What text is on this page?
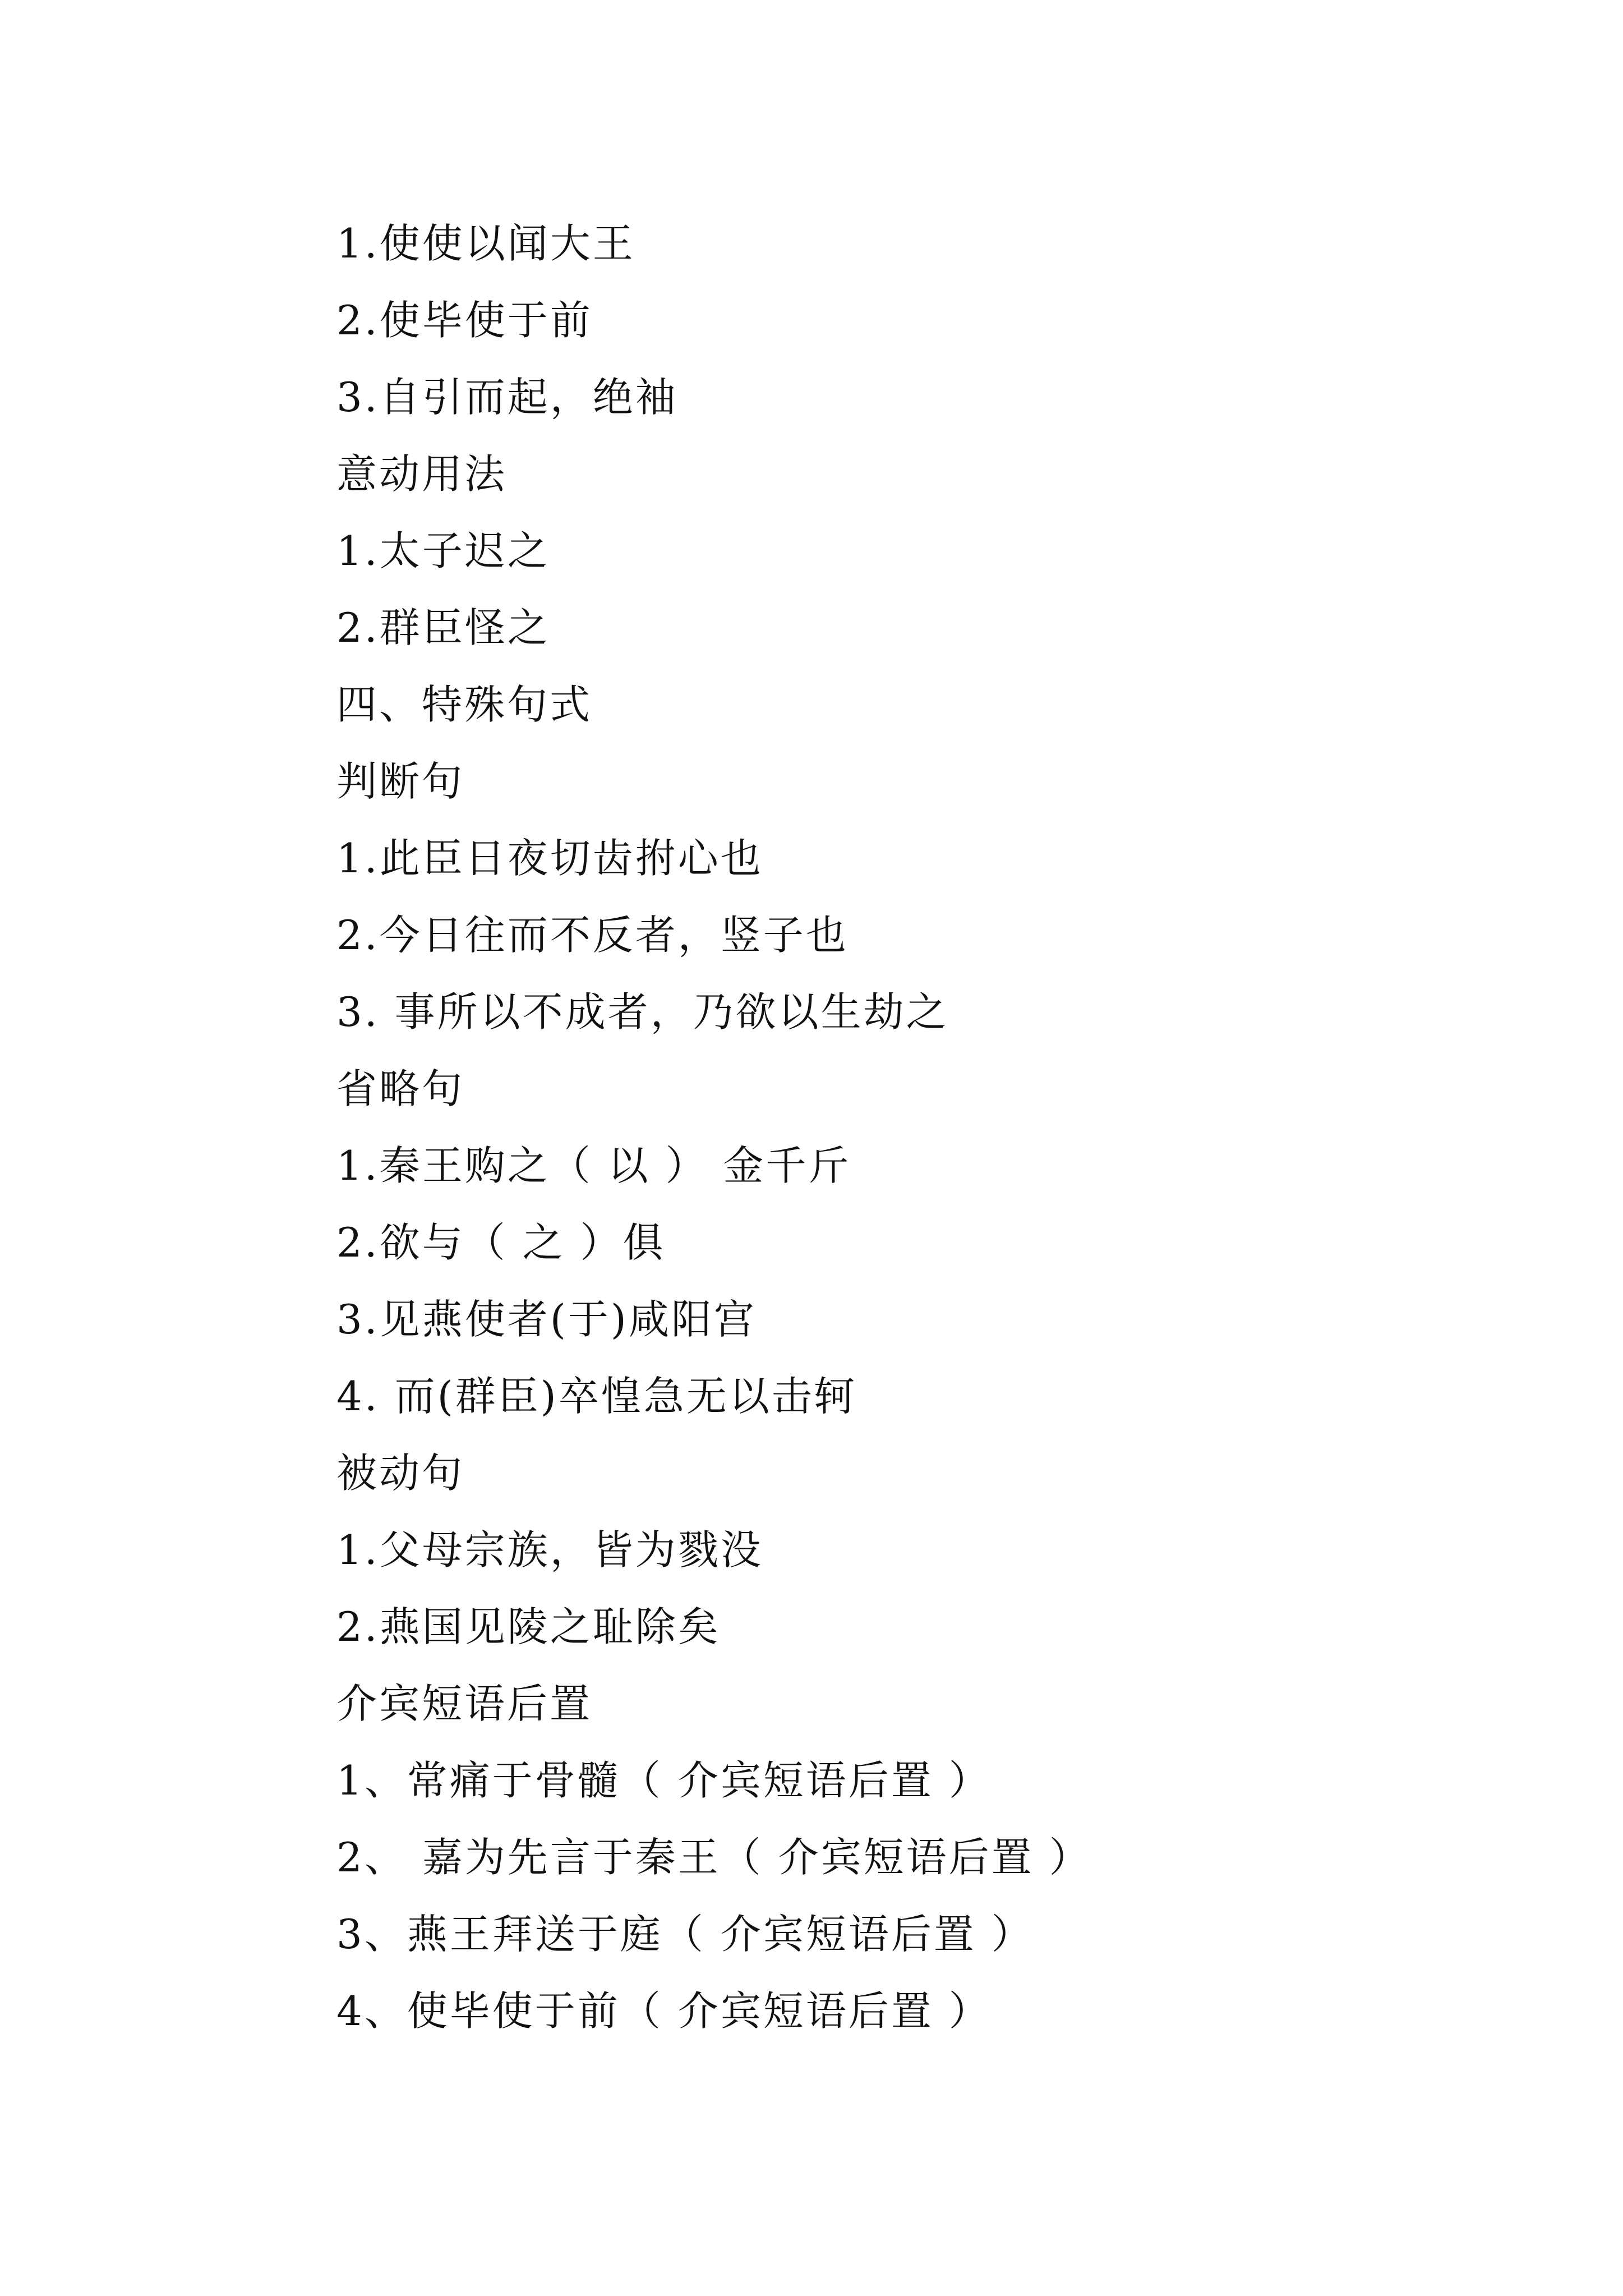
1.使使以闻大王
2.使毕使于前
3.自引而起，绝袖
意动用法
1.太子迟之
2.群臣怪之
四、特殊句式
判断句
1.此臣日夜切齿拊心也
2.今日往而不反者，竖子也
3. 事所以不成者，乃欲以生劫之
省略句
1.秦王购之（ 以 ） 金千斤
2.欲与（ 之 ）俱
3.见燕使者(于)咸阳宫
4. 而(群臣)卒惶急无以击轲
被动句
1.父母宗族，皆为戮没
2.燕国见陵之耻除矣
介宾短语后置
1、常痛于骨髓（ 介宾短语后置 ）
2、 嘉为先言于秦王（ 介宾短语后置 ）
3、燕王拜送于庭（ 介宾短语后置 ）
4、使毕使于前（ 介宾短语后置 ）
